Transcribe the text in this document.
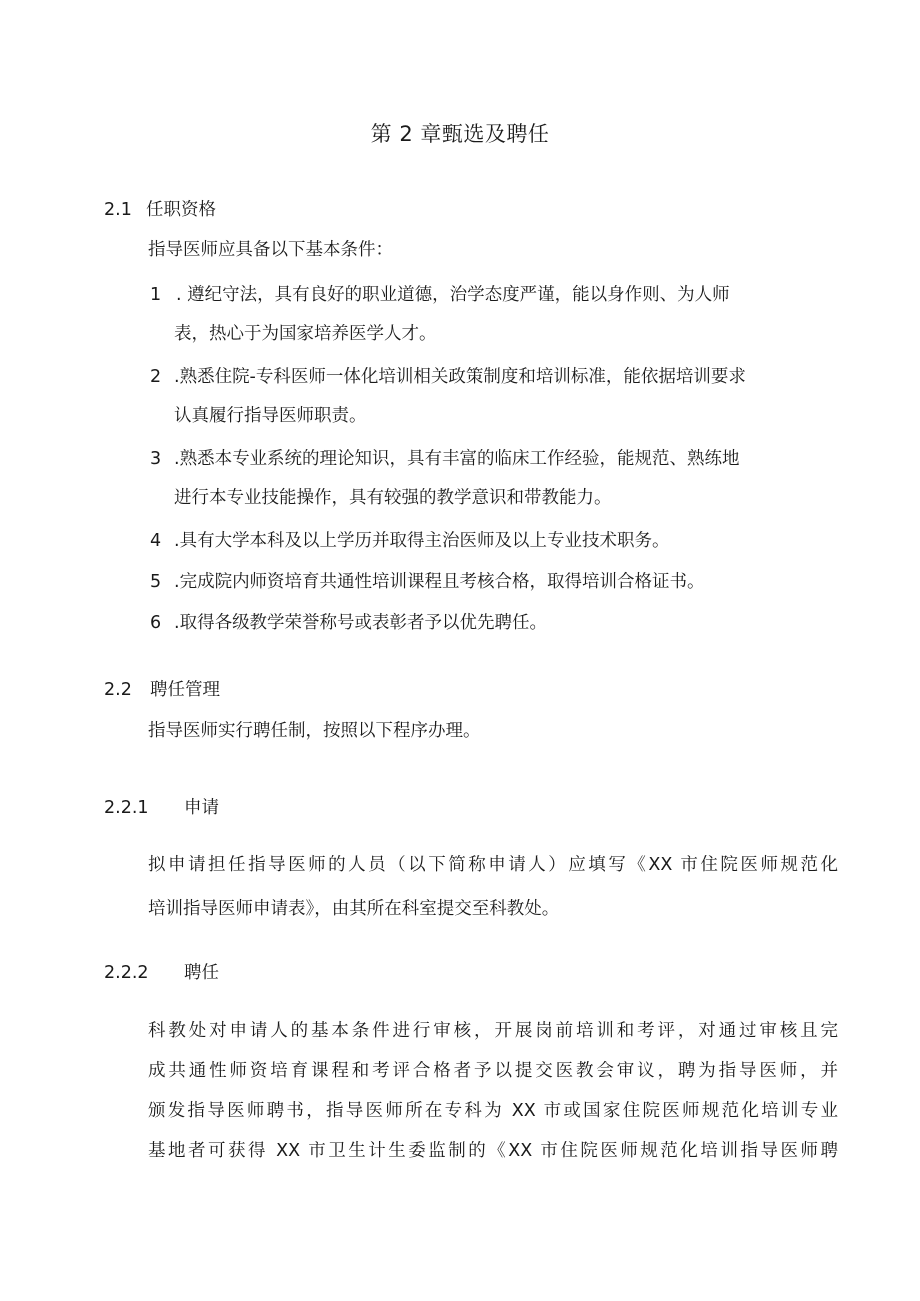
第 2 章甄选及聘任
2.1 任职资格
指导医师应具备以下基本条件：
1 . 遵纪守法，具有良好的职业道德，治学态度严谨，能以身作则、为人师
表，热心于为国家培养医学人才。
2 .熟悉住院-专科医师一体化培训相关政策制度和培训标准，能依据培训要求
认真履行指导医师职责。
3 .熟悉本专业系统的理论知识，具有丰富的临床工作经验，能规范、熟练地
进行本专业技能操作，具有较强的教学意识和带教能力。
4 .具有大学本科及以上学历并取得主治医师及以上专业技术职务。
5 .完成院内师资培育共通性培训课程且考核合格，取得培训合格证书。
6 .取得各级教学荣誉称号或表彰者予以优先聘任。
2.2 聘任管理
指导医师实行聘任制，按照以下程序办理。
2.2.1 申请
拟申请担任指导医师的人员（以下简称申请人）应填写《XX 市住院医师规范化
培训指导医师申请表》，由其所在科室提交至科教处。
2.2.2 聘任
科教处对申请人的基本条件进行审核，开展岗前培训和考评，对通过审核且完
成共通性师资培育课程和考评合格者予以提交医教会审议，聘为指导医师，并
颁发指导医师聘书，指导医师所在专科为 XX 市或国家住院医师规范化培训专业
基地者可获得 XX 市卫生计生委监制的《XX 市住院医师规范化培训指导医师聘
